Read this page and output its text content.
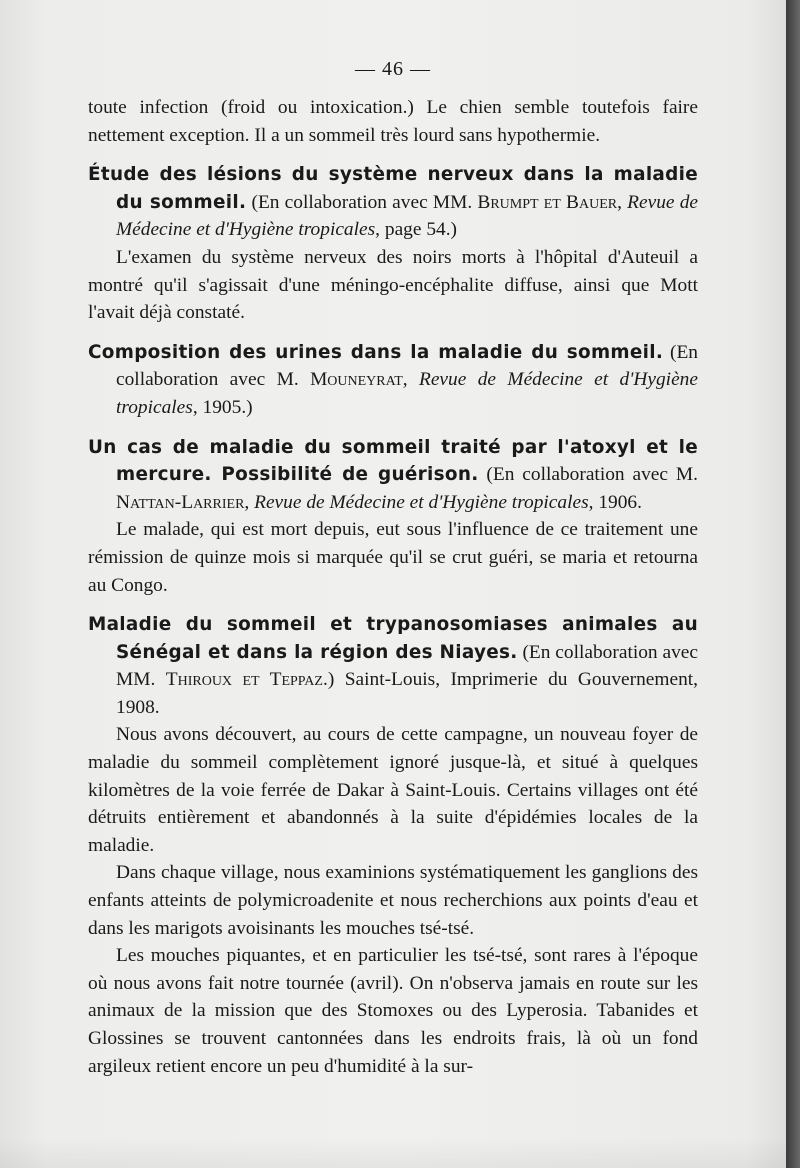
— 46 —

toute infection (froid ou intoxication.) Le chien semble toutefois faire nettement exception. Il a un sommeil très lourd sans hypothermie.

Étude des lésions du système nerveux dans la maladie du sommeil. (En collaboration avec MM. Brumpt et Bauer, Revue de Médecine et d'Hygiène tropicales, page 54.)

L'examen du système nerveux des noirs morts à l'hôpital d'Auteuil a montré qu'il s'agissait d'une méningo-encéphalite diffuse, ainsi que Mott l'avait déjà constaté.

Composition des urines dans la maladie du sommeil. (En collaboration avec M. Mouneyrat, Revue de Médecine et d'Hygiène tropicales, 1905.)

Un cas de maladie du sommeil traité par l'atoxyl et le mercure. Possibilité de guérison. (En collaboration avec M. Nattan-Larrier, Revue de Médecine et d'Hygiène tropicales, 1906.

Le malade, qui est mort depuis, eut sous l'influence de ce traitement une rémission de quinze mois si marquée qu'il se crut guéri, se maria et retourna au Congo.

Maladie du sommeil et trypanosomiases animales au Sénégal et dans la région des Niayes. (En collaboration avec MM. Thiroux et Teppaz.) Saint-Louis, Imprimerie du Gouvernement, 1908.

Nous avons découvert, au cours de cette campagne, un nouveau foyer de maladie du sommeil complètement ignoré jusque-là, et situé à quelques kilomètres de la voie ferrée de Dakar à Saint-Louis. Certains villages ont été détruits entièrement et abandonnés à la suite d'épidémies locales de la maladie.

Dans chaque village, nous examinions systématiquement les ganglions des enfants atteints de polymicroadenite et nous recherchions aux points d'eau et dans les marigots avoisinants les mouches tsé-tsé.

Les mouches piquantes, et en particulier les tsé-tsé, sont rares à l'époque où nous avons fait notre tournée (avril). On n'observa jamais en route sur les animaux de la mission que des Stomoxes ou des Lyperosia. Tabanides et Glossines se trouvent cantonnées dans les endroits frais, là où un fond argileux retient encore un peu d'humidité à la sur-
